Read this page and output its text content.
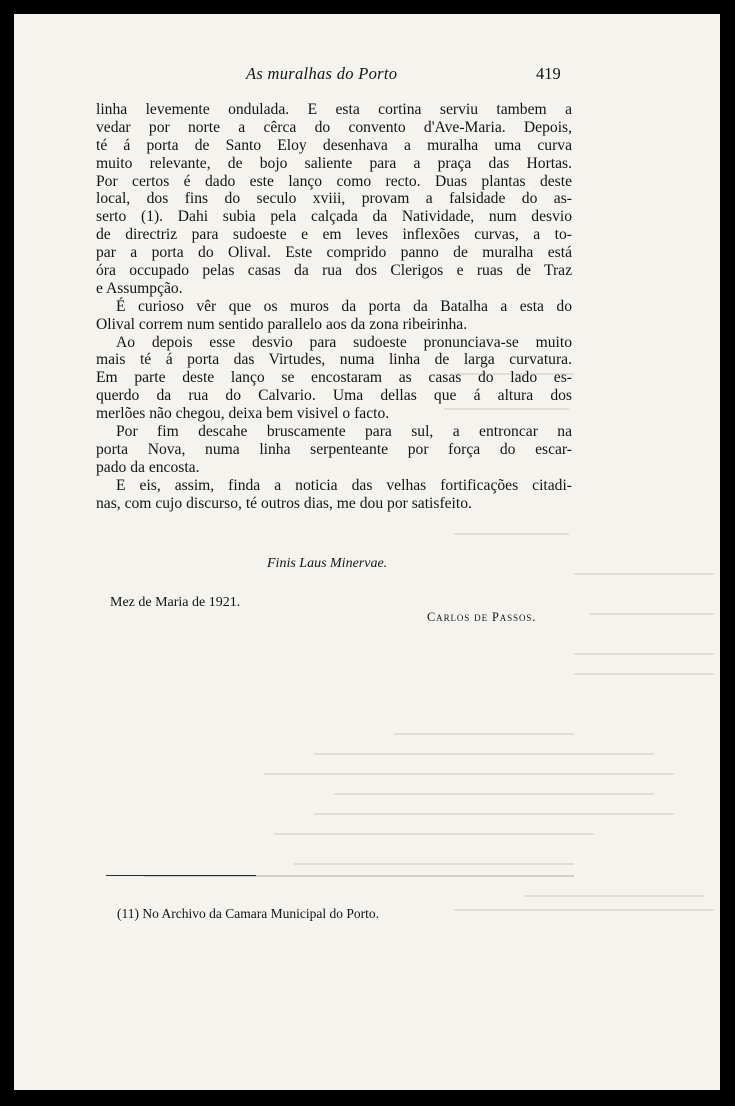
As muralhas do Porto	419
linha levemente ondulada. E esta cortina serviu tambem a
vedar por norte a cêrca do convento d'Ave-Maria. Depois,
té á porta de Santo Eloy desenhava a muralha uma curva
muito relevante, de bojo saliente para a praça das Hortas.
Por certos é dado este lanço como recto. Duas plantas deste
local, dos fins do seculo xviii, provam a falsidade do as-
serto (1). Dahi subia pela calçada da Natividade, num desvio
de directriz para sudoeste e em leves inflexões curvas, a to-
par a porta do Olival. Este comprido panno de muralha está
óra occupado pelas casas da rua dos Clerigos e ruas de Traz
e Assumpção.
É curioso vêr que os muros da porta da Batalha a esta do
Olival correm num sentido parallelo aos da zona ribeirinha.
Ao depois esse desvio para sudoeste pronunciava-se muito
mais té á porta das Virtudes, numa linha de larga curvatura.
Em parte deste lanço se encostaram as casas do lado es-
querdo da rua do Calvario. Uma dellas que á altura dos
merlões não chegou, deixa bem visivel o facto.
Por fim descahe bruscamente para sul, a entroncar na
porta Nova, numa linha serpenteante por força do escar-
pado da encosta.
E eis, assim, finda a noticia das velhas fortificações citadi-
nas, com cujo discurso, té outros dias, me dou por satisfeito.
Finis Laus Minervae.
Mez de Maria de 1921.
Carlos de Passos.
(11) No Archivo da Camara Municipal do Porto.
